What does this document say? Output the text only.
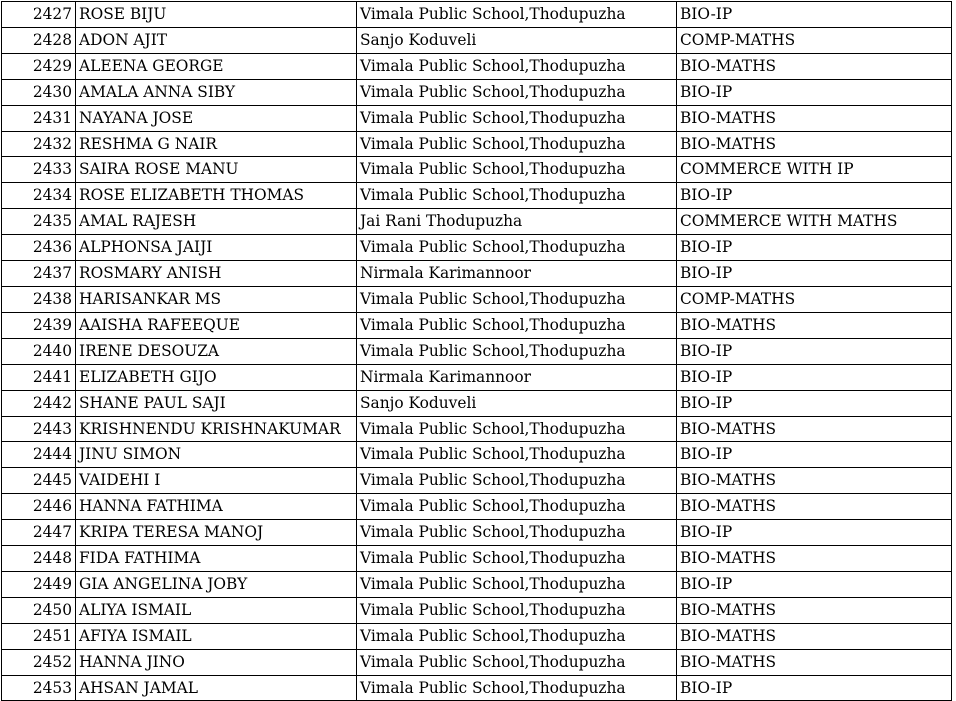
2427	ROSE BIJU	Vimala Public School,Thodupuzha	BIO-IP
2428	ADON AJIT	Sanjo Koduveli	COMP-MATHS
2429	ALEENA GEORGE	Vimala Public School,Thodupuzha	BIO-MATHS
2430	AMALA ANNA SIBY	Vimala Public School,Thodupuzha	BIO-IP
2431	NAYANA JOSE	Vimala Public School,Thodupuzha	BIO-MATHS
2432	RESHMA G NAIR	Vimala Public School,Thodupuzha	BIO-MATHS
2433	SAIRA ROSE MANU	Vimala Public School,Thodupuzha	COMMERCE WITH IP
2434	ROSE ELIZABETH THOMAS	Vimala Public School,Thodupuzha	BIO-IP
2435	AMAL RAJESH	Jai Rani Thodupuzha	COMMERCE WITH MATHS
2436	ALPHONSA JAIJI	Vimala Public School,Thodupuzha	BIO-IP
2437	ROSMARY ANISH	Nirmala Karimannoor	BIO-IP
2438	HARISANKAR MS	Vimala Public School,Thodupuzha	COMP-MATHS
2439	AAISHA RAFEEQUE	Vimala Public School,Thodupuzha	BIO-MATHS
2440	IRENE DESOUZA	Vimala Public School,Thodupuzha	BIO-IP
2441	ELIZABETH GIJO	Nirmala Karimannoor	BIO-IP
2442	SHANE PAUL SAJI	Sanjo Koduveli	BIO-IP
2443	KRISHNENDU KRISHNAKUMAR	Vimala Public School,Thodupuzha	BIO-MATHS
2444	JINU SIMON	Vimala Public School,Thodupuzha	BIO-IP
2445	VAIDEHI I	Vimala Public School,Thodupuzha	BIO-MATHS
2446	HANNA FATHIMA	Vimala Public School,Thodupuzha	BIO-MATHS
2447	KRIPA TERESA MANOJ	Vimala Public School,Thodupuzha	BIO-IP
2448	FIDA FATHIMA	Vimala Public School,Thodupuzha	BIO-MATHS
2449	GIA ANGELINA JOBY	Vimala Public School,Thodupuzha	BIO-IP
2450	ALIYA ISMAIL	Vimala Public School,Thodupuzha	BIO-MATHS
2451	AFIYA ISMAIL	Vimala Public School,Thodupuzha	BIO-MATHS
2452	HANNA JINO	Vimala Public School,Thodupuzha	BIO-MATHS
2453	AHSAN JAMAL	Vimala Public School,Thodupuzha	BIO-IP
